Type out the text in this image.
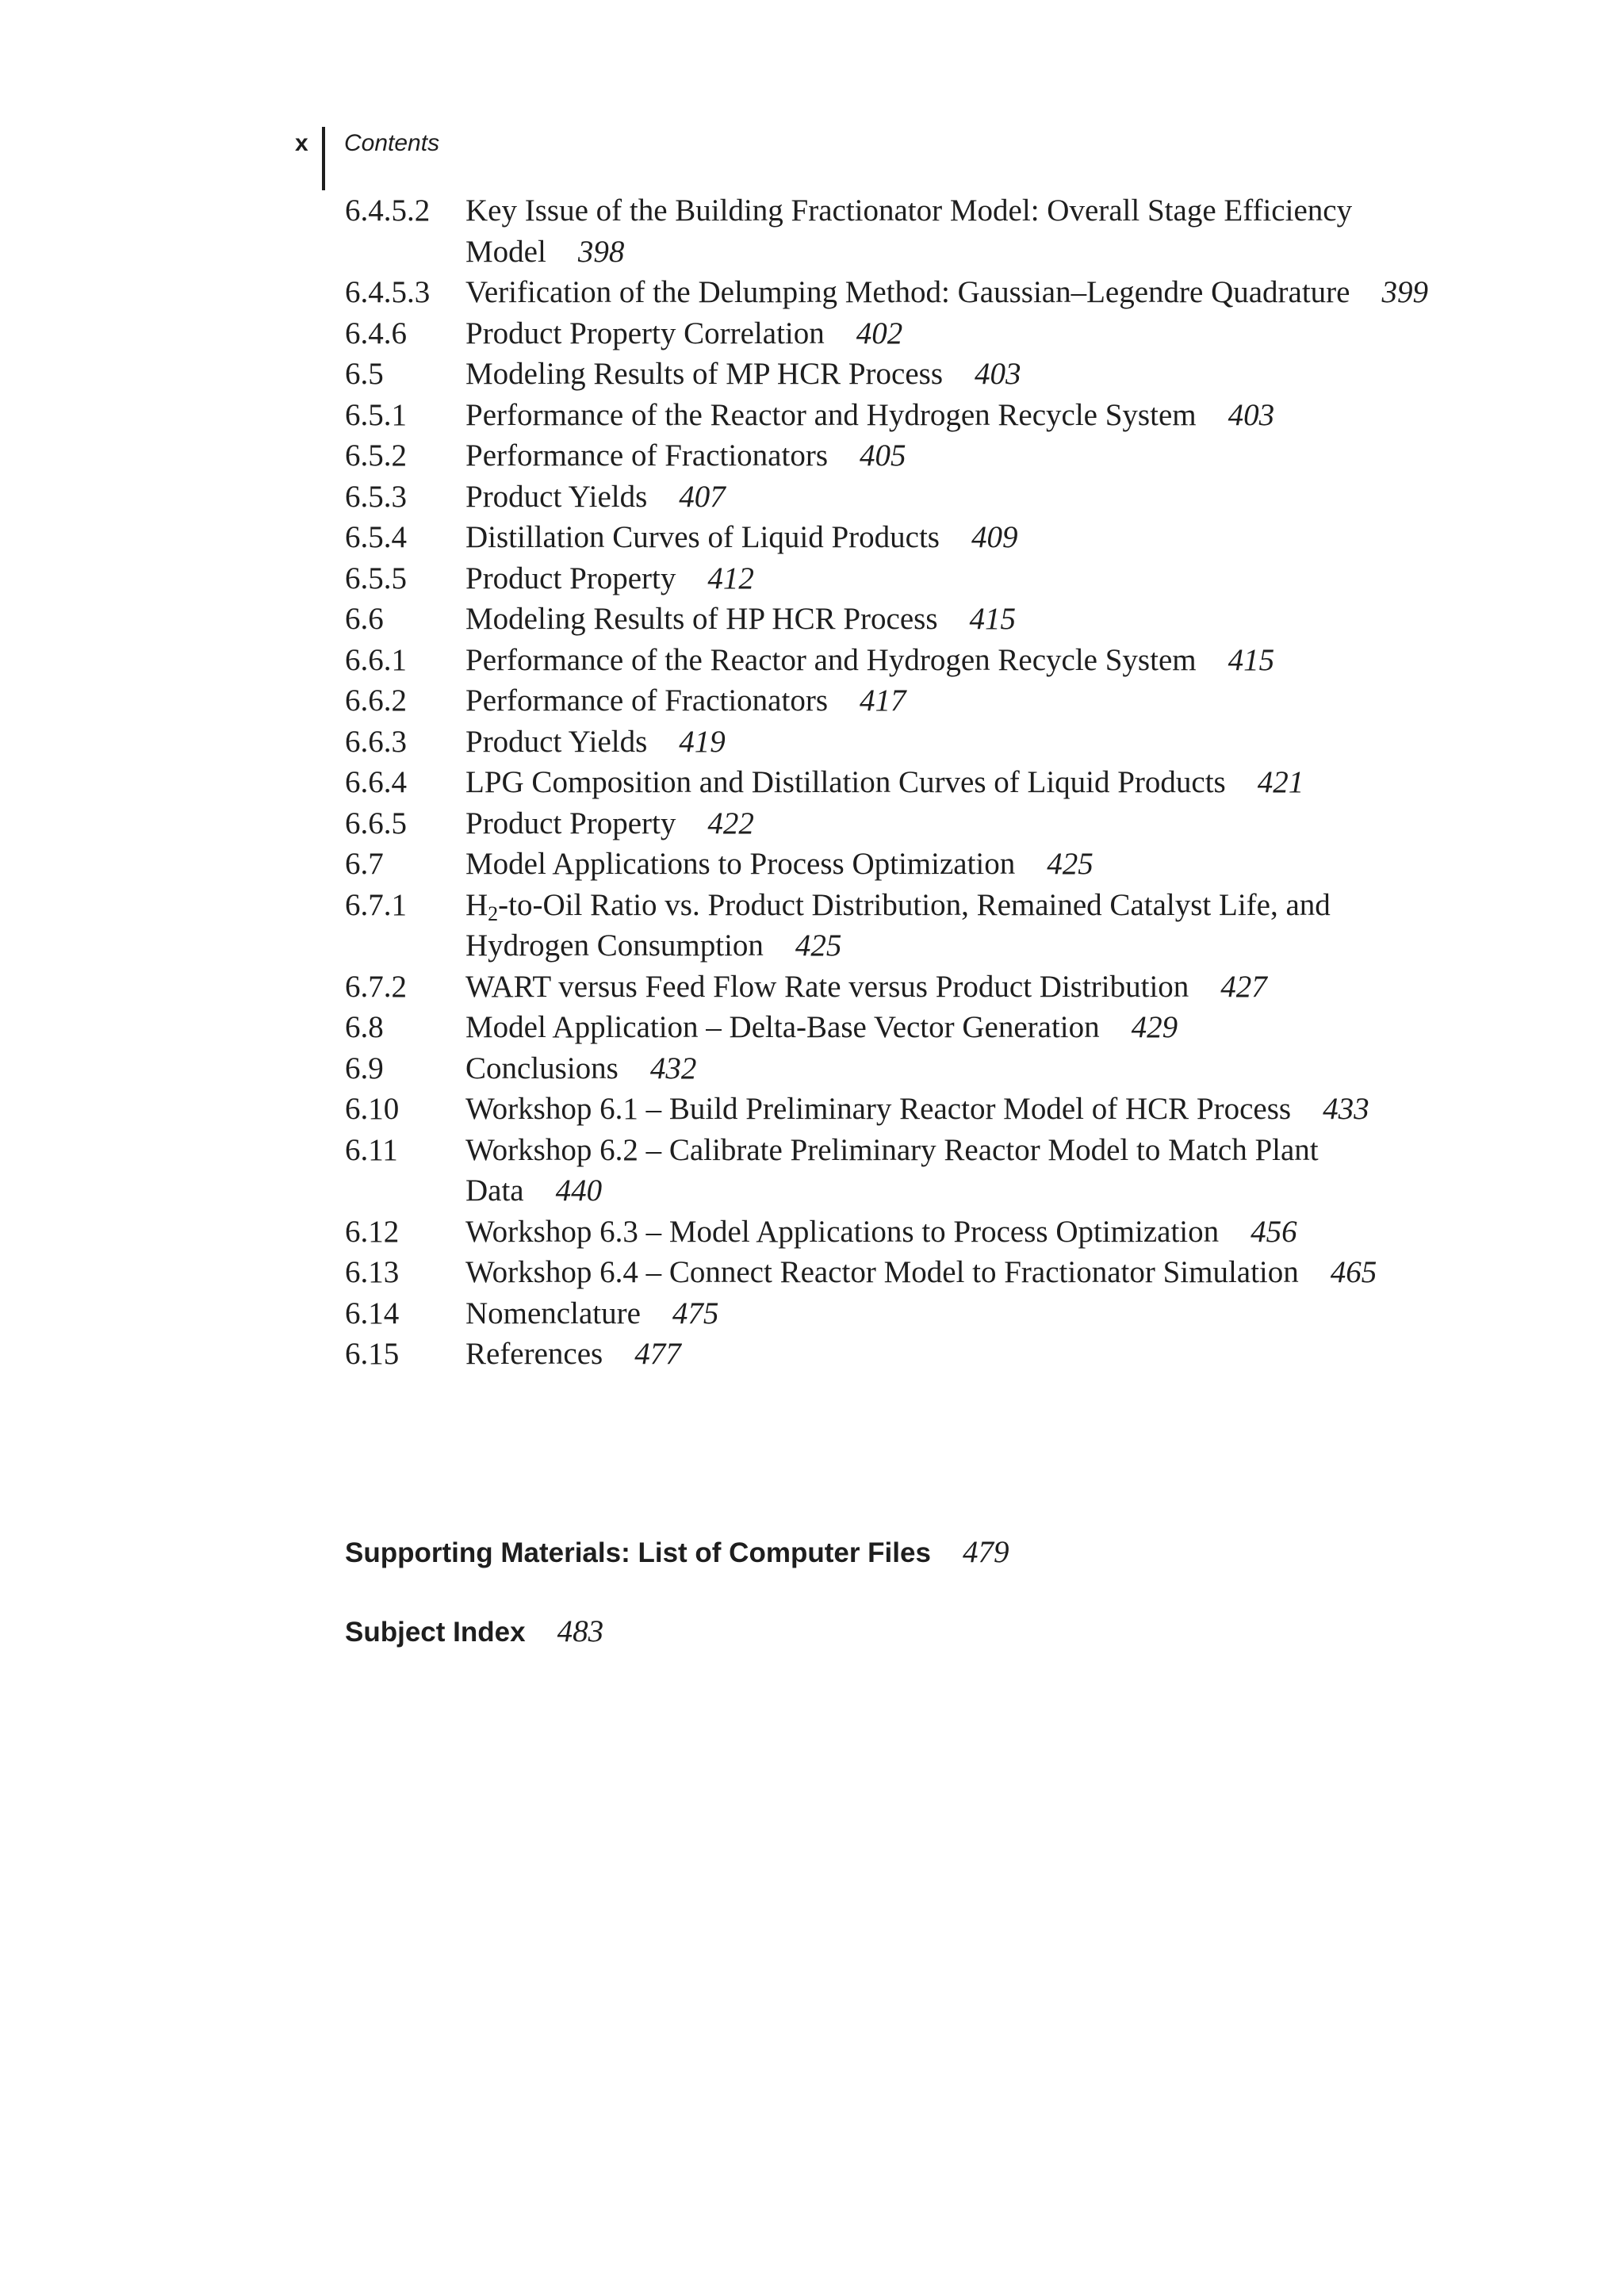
x Contents
6.4.5.2	Key Issue of the Building Fractionator Model: Overall Stage Efficiency Model 398
6.4.5.3	Verification of the Delumping Method: Gaussian–Legendre Quadrature 399
6.4.6	Product Property Correlation 402
6.5	Modeling Results of MP HCR Process 403
6.5.1	Performance of the Reactor and Hydrogen Recycle System 403
6.5.2	Performance of Fractionators 405
6.5.3	Product Yields 407
6.5.4	Distillation Curves of Liquid Products 409
6.5.5	Product Property 412
6.6	Modeling Results of HP HCR Process 415
6.6.1	Performance of the Reactor and Hydrogen Recycle System 415
6.6.2	Performance of Fractionators 417
6.6.3	Product Yields 419
6.6.4	LPG Composition and Distillation Curves of Liquid Products 421
6.6.5	Product Property 422
6.7	Model Applications to Process Optimization 425
6.7.1	$H_2-to$-Oil Ratio vs. Product Distribution, Remained Catalyst Life, and Hydrogen Consumption 425
6.7.2	WART versus Feed Flow Rate versus Product Distribution 427
6.8	Model Application – Delta-Base Vector Generation 429
6.9	Conclusions 432
6.10	Workshop 6.1 – Build Preliminary Reactor Model of HCR Process 433
6.11	Workshop 6.2 – Calibrate Preliminary Reactor Model to Match Plant Data 440
6.12	Workshop 6.3 – Model Applications to Process Optimization 456
6.13	Workshop 6.4 – Connect Reactor Model to Fractionator Simulation 465
6.14	Nomenclature 475
6.15	References 477
Supporting Materials: List of Computer Files 479
Subject Index 483
